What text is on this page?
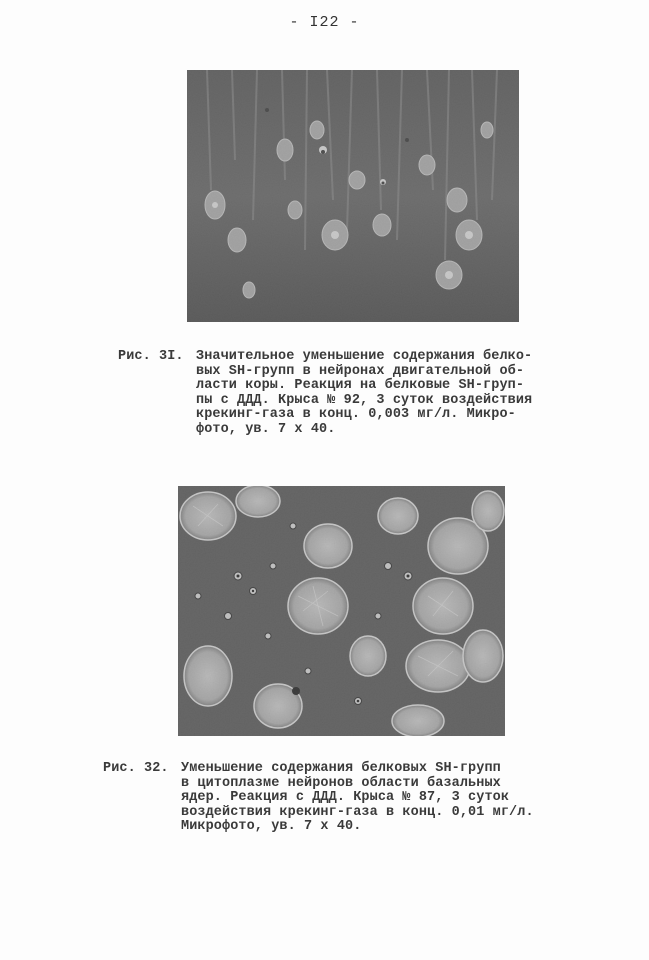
- I22 -
Рис. 3I. Значительное уменьшение содержания белко-
вых SH-групп в нейронах двигательной об-
ласти коры. Реакция на белковые SH-груп-
пы с ДДД. Крыса № 92, 3 суток воздействия
крекинг-газа в конц. 0,003 мг/л. Микро-
фото, ув. 7 х 40.
Рис. 32. Уменьшение содержания белковых SH-групп
в цитоплазме нейронов области базальных
ядер. Реакция с ДДД. Крыса № 87, 3 суток
воздействия крекинг-газа в конц. 0,01 мг/л.
Микрофото, ув. 7 х 40.
